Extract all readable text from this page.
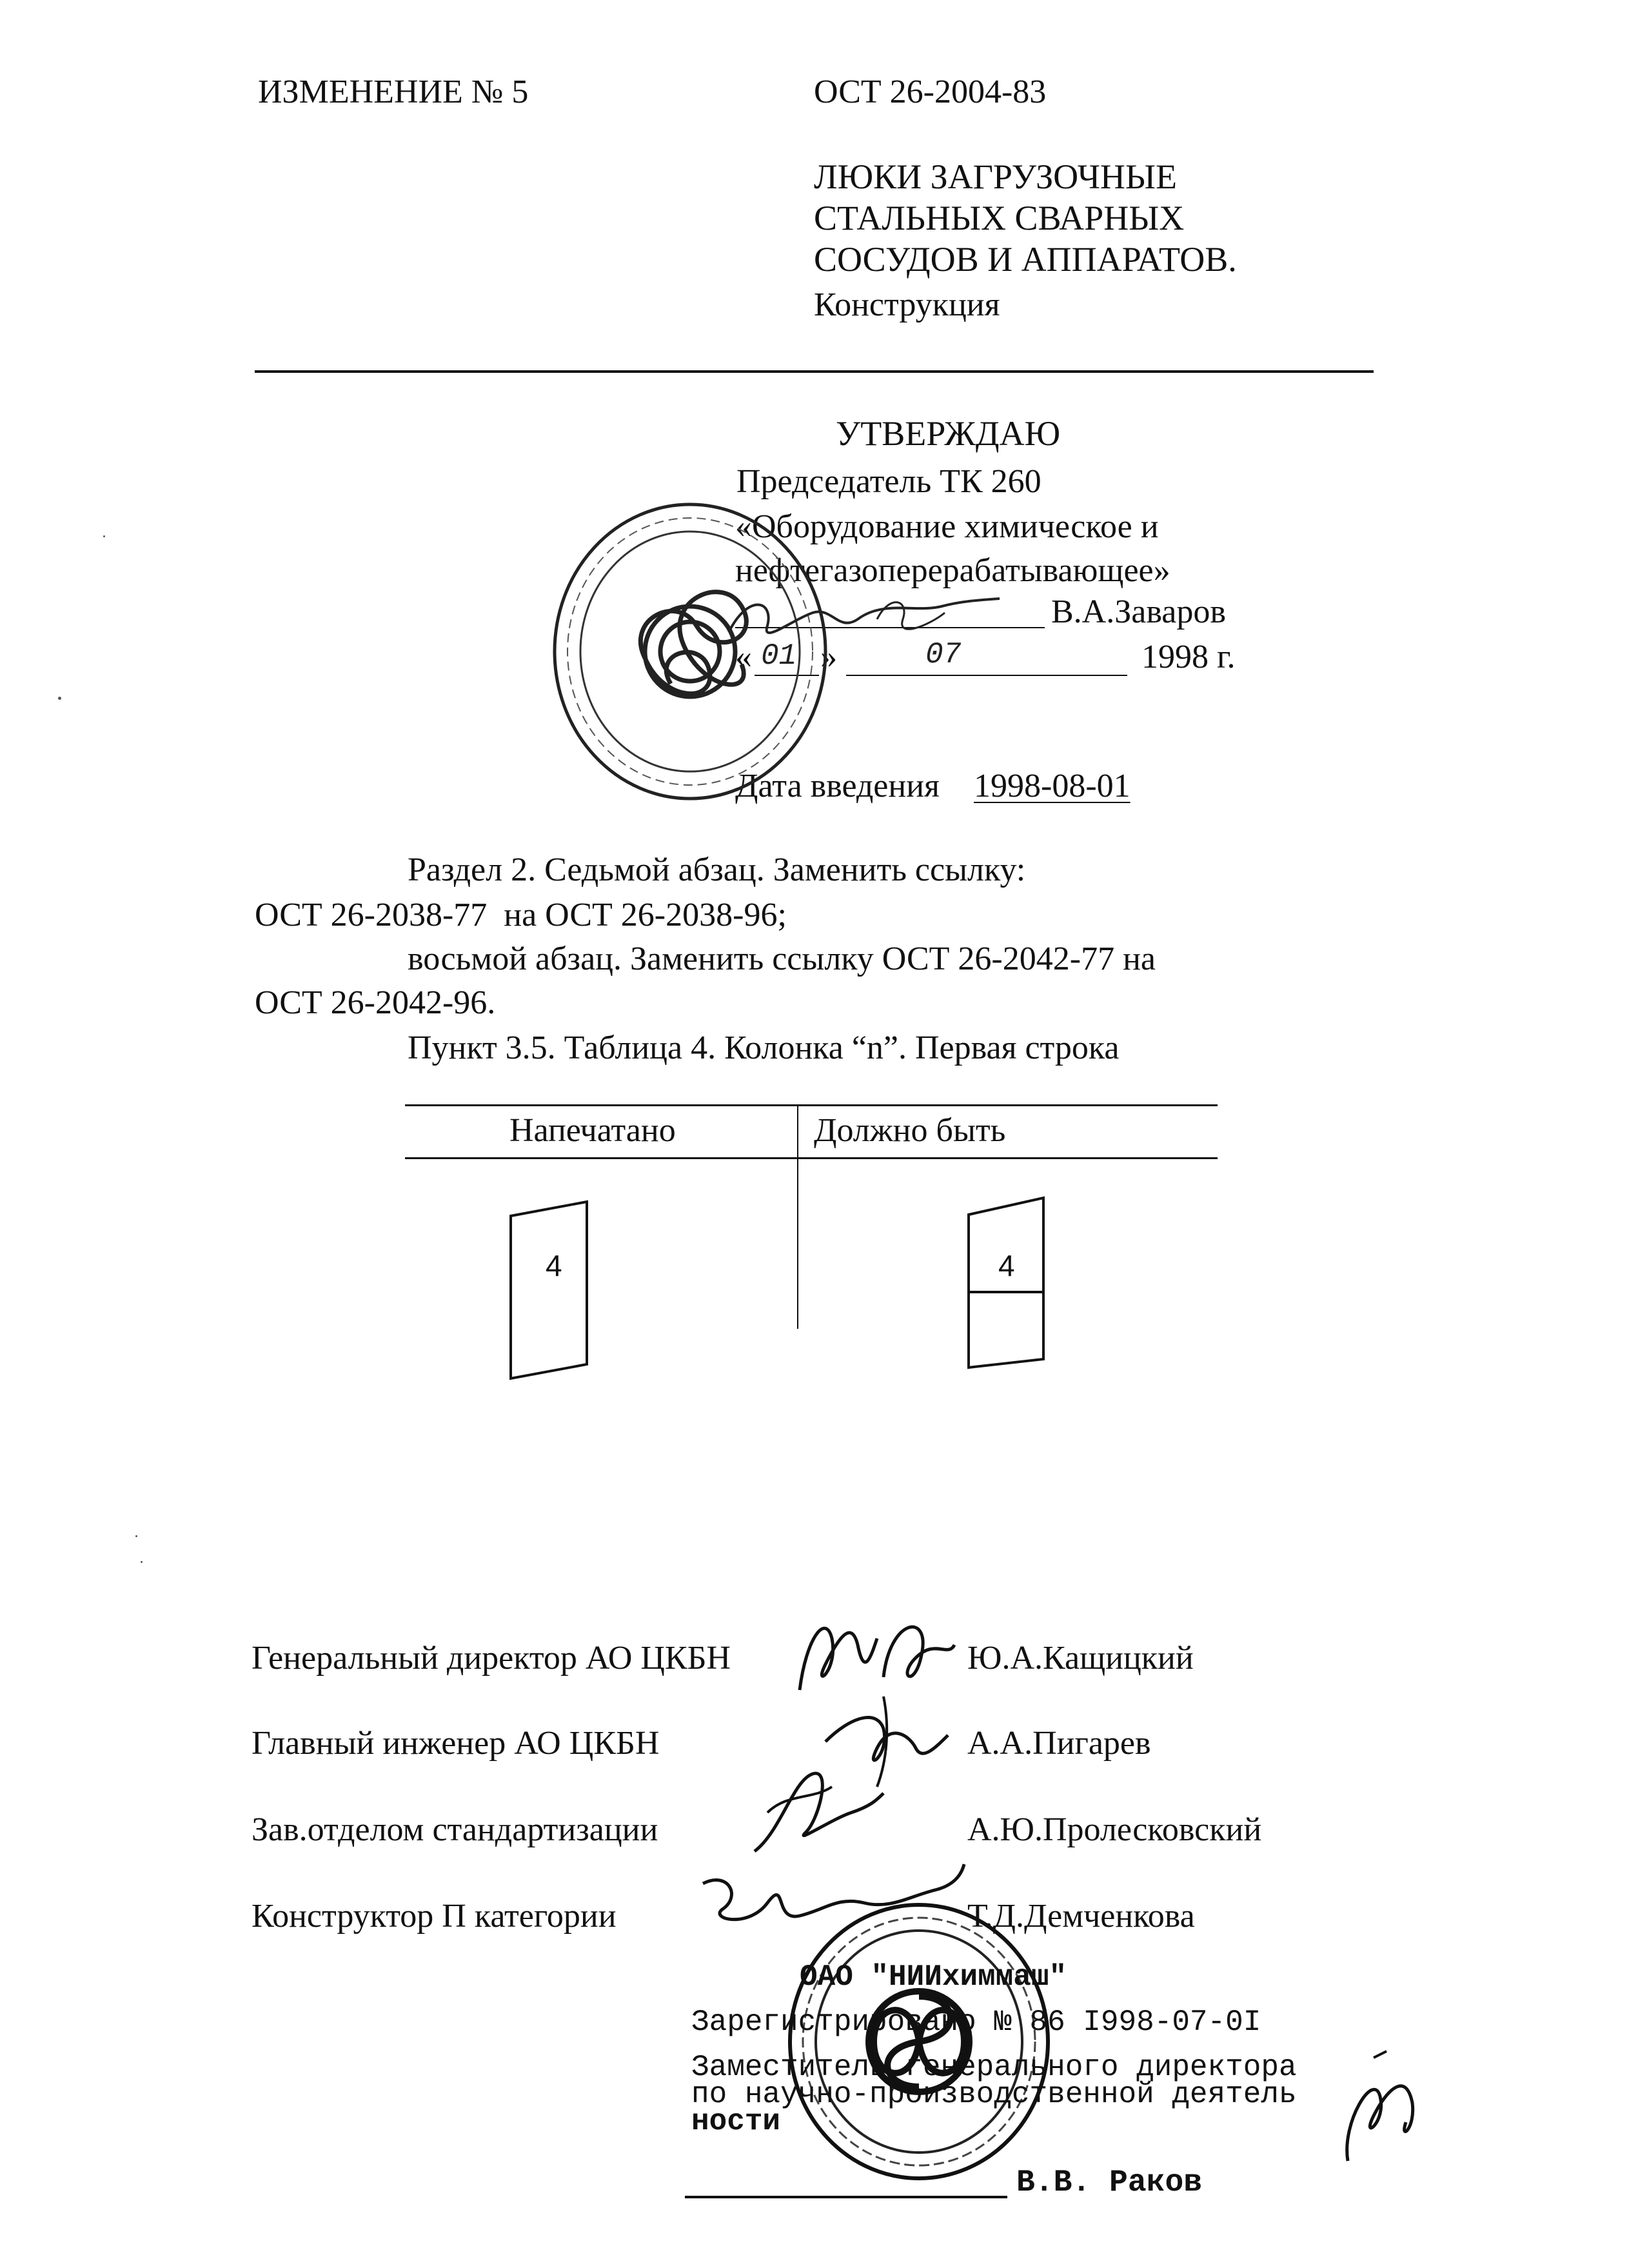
ИЗМЕНЕНИЕ № 5	ОСТ 26-2004-83
ЛЮКИ ЗАГРУЗОЧНЫЕ
СТАЛЬНЫХ СВАРНЫХ
СОСУДОВ И АППАРАТОВ.
Конструкция
УТВЕРЖДАЮ
Председатель ТК 260
«Оборудование химическое и
нефтегазоперерабатывающее»
В.А.Заваров
« 01 »	07	1998 г.
Дата введения 1998-08-01
Раздел 2. Седьмой абзац. Заменить ссылку:
ОСТ 26-2038-77  на ОСТ 26-2038-96;
восьмой абзац. Заменить ссылку ОСТ 26-2042-77 на
ОСТ 26-2042-96.
Пункт 3.5. Таблица 4. Колонка “n”. Первая строка
Напечатано	Должно быть
4	4
Генеральный директор АО ЦКБН	Ю.А.Кащицкий
Главный инженер АО ЦКБН	А.А.Пигарев
Зав.отделом стандартизации	А.Ю.Пролесковский
Конструктор П категории	Т.Д.Демченкова
ОАО "НИИхиммаш"
Зарегистрировано № 86 I998-07-0I
Заместитель генерального директора
по научно-производственной деятель
ности
В.В. Раков
